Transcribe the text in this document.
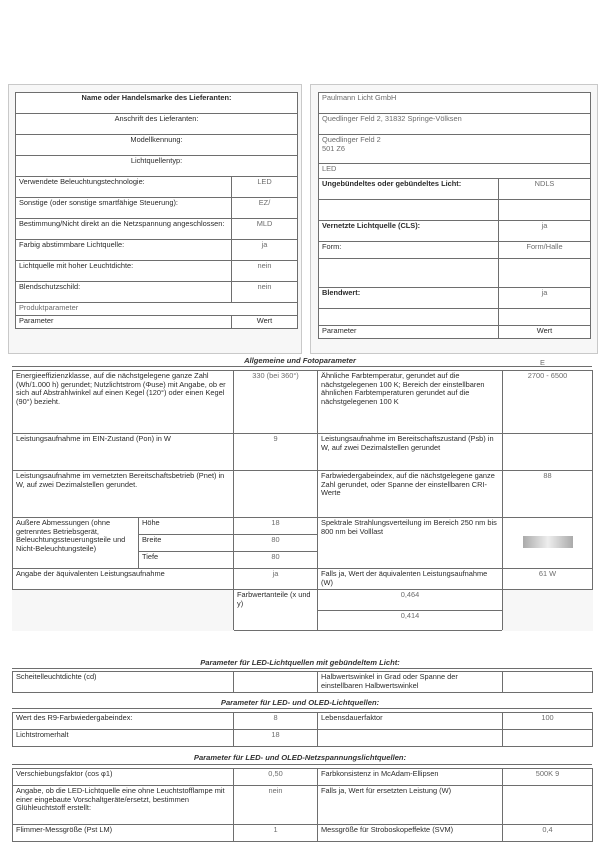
Name oder Handelsmarke des Lieferanten:	
Anschrift des Lieferanten:	
Modellkennung:	
Lichtquellentyp:	
Verwendete Beleuchtungstechnologie:	LED
Sonstige (oder sonstige smartfähige Steuerung):	EZ/
Bestimmung/Nicht direkt an die Netzspannung angeschlossen:	MLD
Farbig abstimmbare Lichtquelle:	ja
Lichtquelle mit hoher Leuchtdichte:	nein
Blendschutzschild:	nein
Produktparameter	
Parameter	Wert
Paulmann Licht GmbH	
Quedlinger Feld 2, 31832 Springe-Völksen	

Quedlinger Feld 2
501 Z6	

LED	
Ungebündeltes oder gebündeltes Licht:	NDLS

Vernetzte Lichtquelle (CLS):	ja
Form:	Form/Halle

Blendwert:	ja

Parameter	Wert
Allgemeine und Fotoparameter	E
Energieeffizienzklasse, auf die nächstgelegene ganze Zahl (Wh/1.000 h) gerundet; Nutzlichtstrom (Φuse) mit Angabe, ob er sich auf Abstrahlwinkel auf einen Kegel (120°) oder einen Kegel (90°) bezieht.		330 (bei 360°)	Ähnliche Farbtemperatur, gerundet auf die nächstgelegenen 100 K; Bereich der einstellbaren ähnlichen Farbtemperaturen gerundet auf die nächstgelegenen 100 K	2700 - 6500
Leistungsaufnahme im EIN-Zustand (Pon) in W		9	Leistungsaufnahme im Bereitschaftszustand (Psb) in W, auf zwei Dezimalstellen gerundet	
Leistungsaufnahme im vernetzten Bereitschaftsbetrieb (Pnet) in W, auf zwei Dezimalstellen gerundet.			Farbwiedergabeindex, auf die nächstgelegene ganze Zahl gerundet, oder Spanne der einstellbaren CRI-Werte	88
Außere Abmessungen (ohne getrenntes Betriebsgerät, Beleuchtungssteuerungsteile und Nicht-Beleuchtungsteile)	Höhe	18	Spektrale Strahlungsverteilung im Bereich 250 nm bis 800 nm bei Volllast	
	Breite	80		
	Tiefe	80		
Angabe der äquivalenten Leistungsaufnahme		ja	Falls ja, Wert der äquivalenten Leistungsaufnahme (W)	61 W
		Farbwertanteile (x und y)	0,464	
			0,414	
Parameter für LED-Lichtquellen mit gebündeltem Licht:
Scheitelleuchtdichte (cd)		Halbwertswinkel in Grad oder Spanne der einstellbaren Halbwertswinkel	
Parameter für LED- und OLED-Lichtquellen:
Wert des R9-Farbwiedergabeindex:	8	Lebensdauerfaktor	100
Lichtstromerhalt	18		
Parameter für LED- und OLED-Netzspannungslichtquellen:
Verschiebungsfaktor (cos φ1)	0,50	Farbkonsistenz in McAdam-Ellipsen	500K 9
Angabe, ob die LED-Lichtquelle eine ohne Leuchtstofflampe mit einer eingebaute Vorschaltgeräte/ersetzt, bestimmen Glühleuchtstoff erstellt:	nein	Falls ja, Wert für ersetzten Leistung (W)	
Flimmer-Messgröße (Pst LM)	1	Messgröße für Stroboskopeffekte (SVM)	0,4
